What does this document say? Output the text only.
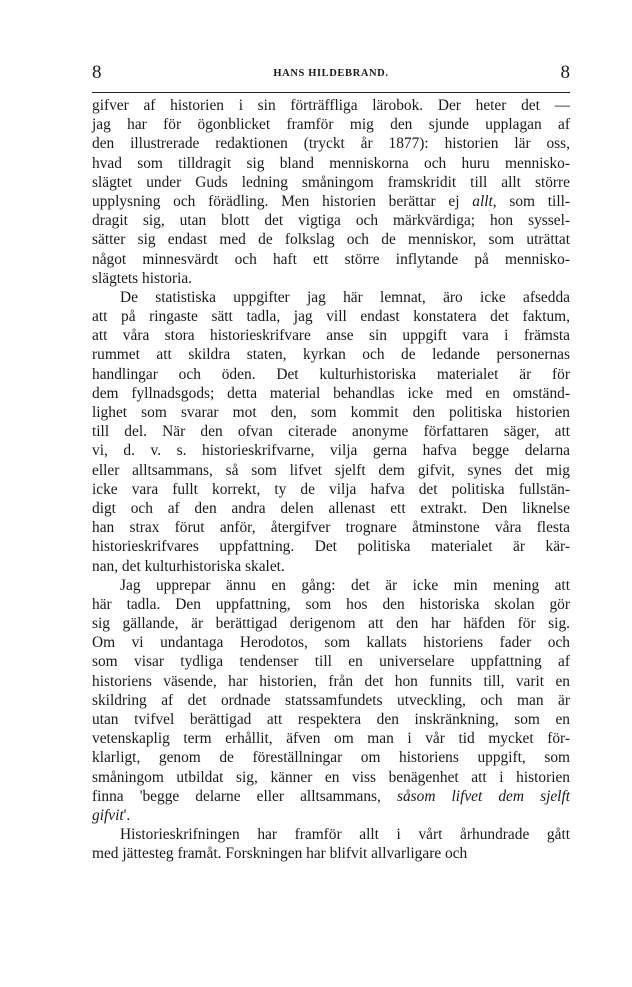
8	HANS HILDEBRAND.	8
gifver af historien i sin förträffliga lärobok. Der heter det —
jag har för ögonblicket framför mig den sjunde upplagan af
den illustrerade redaktionen (tryckt år 1877): historien lär oss,
hvad som tilldragit sig bland menniskorna och huru mennisko-
slägtet under Guds ledning småningom framskridit till allt större
upplysning och förädling. Men historien berättar ej allt, som till-
dragit sig, utan blott det vigtiga och märkvärdiga; hon syssel-
sätter sig endast med de folkslag och de menniskor, som uträttat
något minnesvärdt och haft ett större inflytande på mennisko-
slägtets historia.
De statistiska uppgifter jag här lemnat, äro icke afsedda
att på ringaste sätt tadla, jag vill endast konstatera det faktum,
att våra stora historieskrifvare anse sin uppgift vara i främsta
rummet att skildra staten, kyrkan och de ledande personernas
handlingar och öden. Det kulturhistoriska materialet är för
dem fyllnadsgods; detta material behandlas icke med en omständ-
lighet som svarar mot den, som kommit den politiska historien
till del. När den ofvan citerade anonyme författaren säger, att
vi, d. v. s. historieskrifvarne, vilja gerna hafva begge delarna
eller alltsammans, så som lifvet sjelft dem gifvit, synes det mig
icke vara fullt korrekt, ty de vilja hafva det politiska fullstän-
digt och af den andra delen allenast ett extrakt. Den liknelse
han strax förut anför, återgifver trognare åtminstone våra flesta
historieskrifvares uppfattning. Det politiska materialet är kär-
nan, det kulturhistoriska skalet.
Jag upprepar ännu en gång: det är icke min mening att
här tadla. Den uppfattning, som hos den historiska skolan gör
sig gällande, är berättigad derigenom att den har häfden för sig.
Om vi undantaga Herodotos, som kallats historiens fader och
som visar tydliga tendenser till en universelare uppfattning af
historiens väsende, har historien, från det hon funnits till, varit en
skildring af det ordnade statssamfundets utveckling, och man är
utan tvifvel berättigad att respektera den inskränkning, som en
vetenskaplig term erhållit, äfven om man i vår tid mycket för-
klarligt, genom de föreställningar om historiens uppgift, som
småningom utbildat sig, känner en viss benägenhet att i historien
finna 'begge delarne eller alltsammans, såsom lifvet dem sjelft
gifvit'.
Historieskrifningen har framför allt i vårt århundrade gått
med jättesteg framåt. Forskningen har blifvit allvarligare och
